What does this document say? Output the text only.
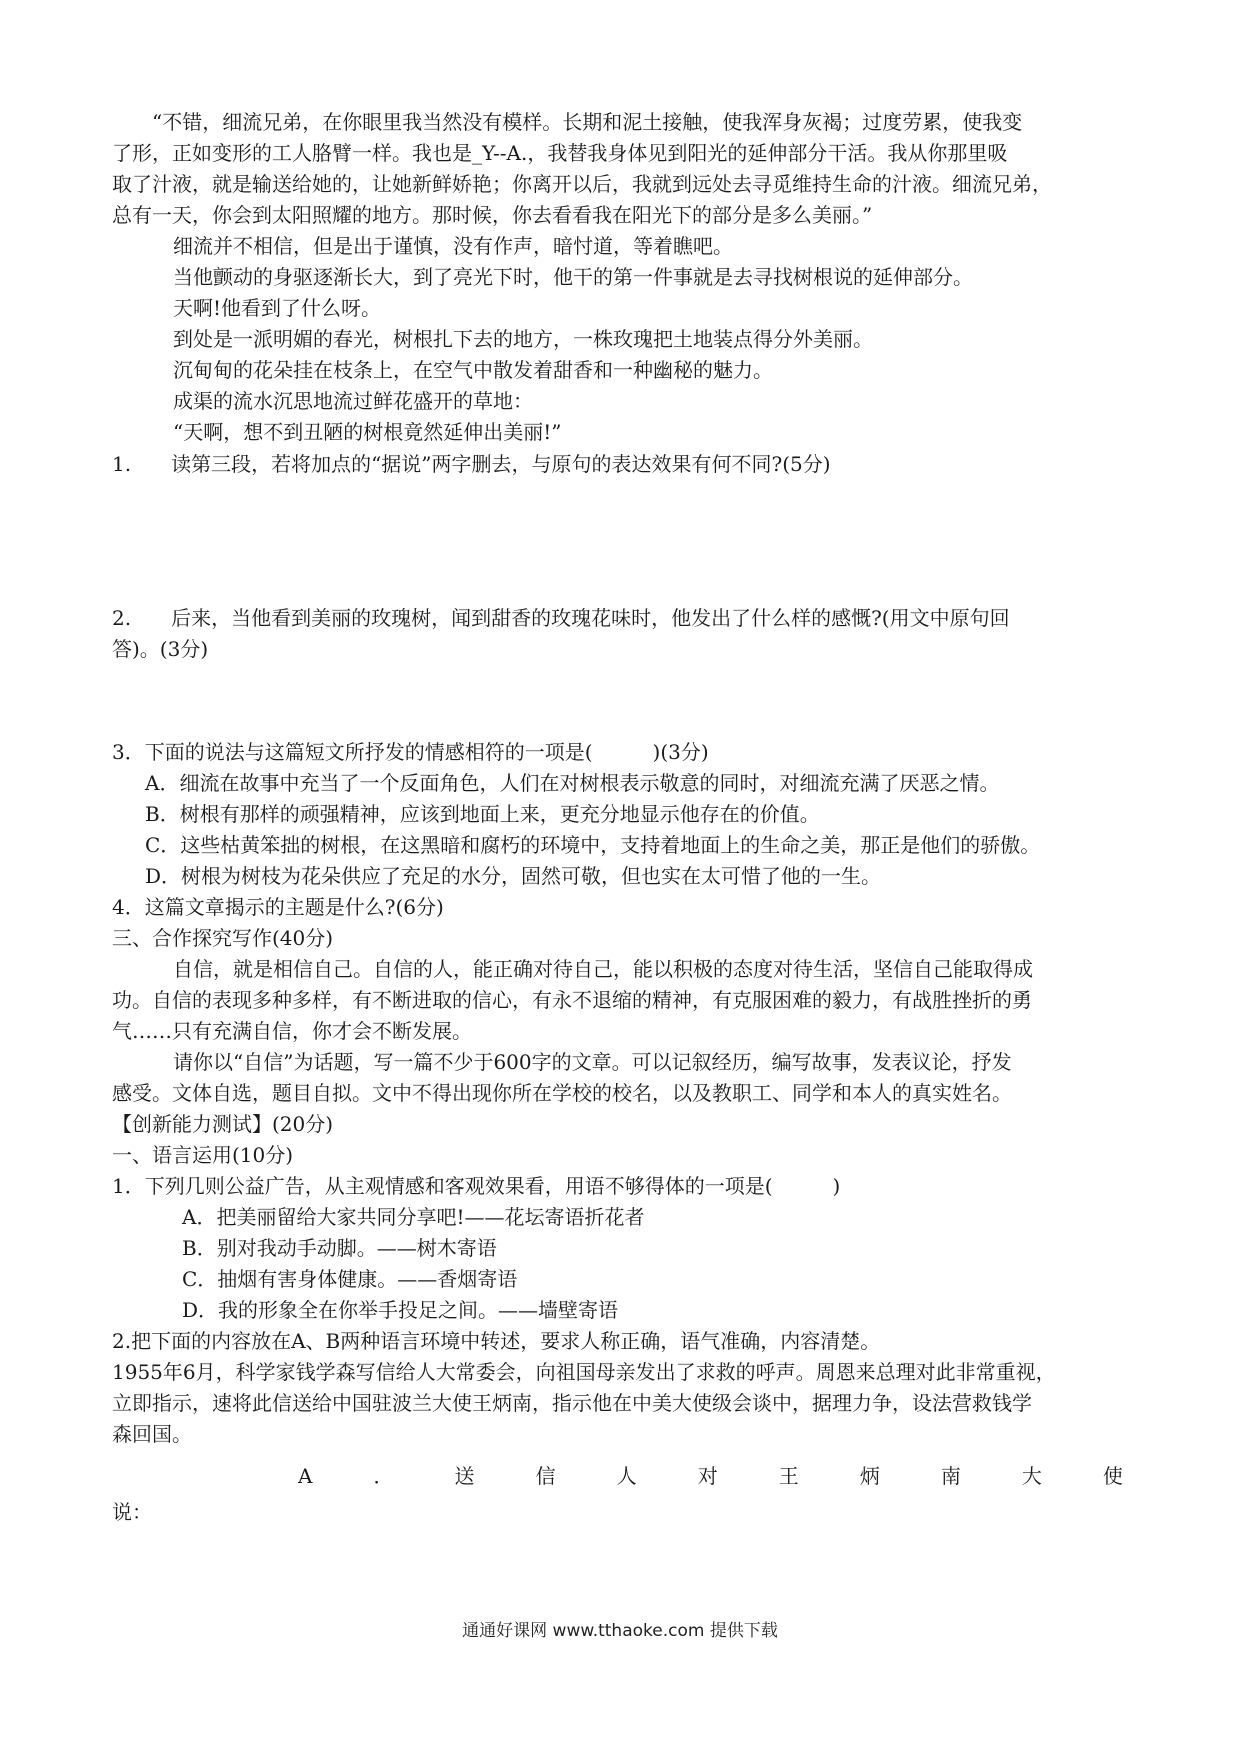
“不错，细流兄弟，在你眼里我当然没有模样。长期和泥土接触，使我浑身灰褐；过度劳累，使我变
了形，正如变形的工人胳臂一样。我也是_Y--A.，我替我身体见到阳光的延伸部分干活。我从你那里吸
取了汁液，就是输送给她的，让她新鲜娇艳；你离开以后，我就到远处去寻觅维持生命的汁液。细流兄弟，
总有一天，你会到太阳照耀的地方。那时候，你去看看我在阳光下的部分是多么美丽。”
细流并不相信，但是出于谨慎，没有作声，暗忖道，等着瞧吧。
当他颤动的身驱逐渐长大，到了亮光下时，他干的第一件事就是去寻找树根说的延伸部分。
天啊!他看到了什么呀。
到处是一派明媚的春光，树根扎下去的地方，一株玫瑰把土地装点得分外美丽。
沉甸甸的花朵挂在枝条上，在空气中散发着甜香和一种幽秘的魅力。
成渠的流水沉思地流过鲜花盛开的草地：
“天啊，想不到丑陋的树根竟然延伸出美丽!”
1.　　读第三段，若将加点的“据说”两字删去，与原句的表达效果有何不同?(5分)
2.　　后来，当他看到美丽的玫瑰树，闻到甜香的玫瑰花味时，他发出了什么样的感慨?(用文中原句回
答)。(3分)
3．下面的说法与这篇短文所抒发的情感相符的一项是(　　　)(3分)
A．细流在故事中充当了一个反面角色，人们在对树根表示敬意的同时，对细流充满了厌恶之情。
B．树根有那样的顽强精神，应该到地面上来，更充分地显示他存在的价值。
C．这些枯黄笨拙的树根，在这黑暗和腐朽的环境中，支持着地面上的生命之美，那正是他们的骄傲。
D．树根为树枝为花朵供应了充足的水分，固然可敬，但也实在太可惜了他的一生。
4．这篇文章揭示的主题是什么?(6分)
三、合作探究写作(40分)
自信，就是相信自己。自信的人，能正确对待自己，能以积极的态度对待生活，坚信自己能取得成
功。自信的表现多种多样，有不断进取的信心，有永不退缩的精神，有克服困难的毅力，有战胜挫折的勇
气……只有充满自信，你才会不断发展。
请你以“自信”为话题，写一篇不少于600字的文章。可以记叙经历，编写故事，发表议论，抒发
感受。文体自选，题目自拟。文中不得出现你所在学校的校名，以及教职工、同学和本人的真实姓名。
【创新能力测试】(20分)
一、语言运用(10分)
1．下列几则公益广告，从主观情感和客观效果看，用语不够得体的一项是(　　　)
A．把美丽留给大家共同分享吧!——花坛寄语折花者
B．别对我动手动脚。——树木寄语
C．抽烟有害身体健康。——香烟寄语
D．我的形象全在你举手投足之间。——墙壁寄语
2.把下面的内容放在A、B两种语言环境中转述，要求人称正确，语气准确，内容清楚。
1955年6月，科学家钱学森写信给人大常委会，向祖国母亲发出了求救的呼声。周恩来总理对此非常重视，
立即指示，速将此信送给中国驻波兰大使王炳南，指示他在中美大使级会谈中，据理力争，设法营救钱学
森回国。
A	．	送	信	人	对	王	炳	南	大	使
说：
通通好课网 www.tthaoke.com 提供下载
